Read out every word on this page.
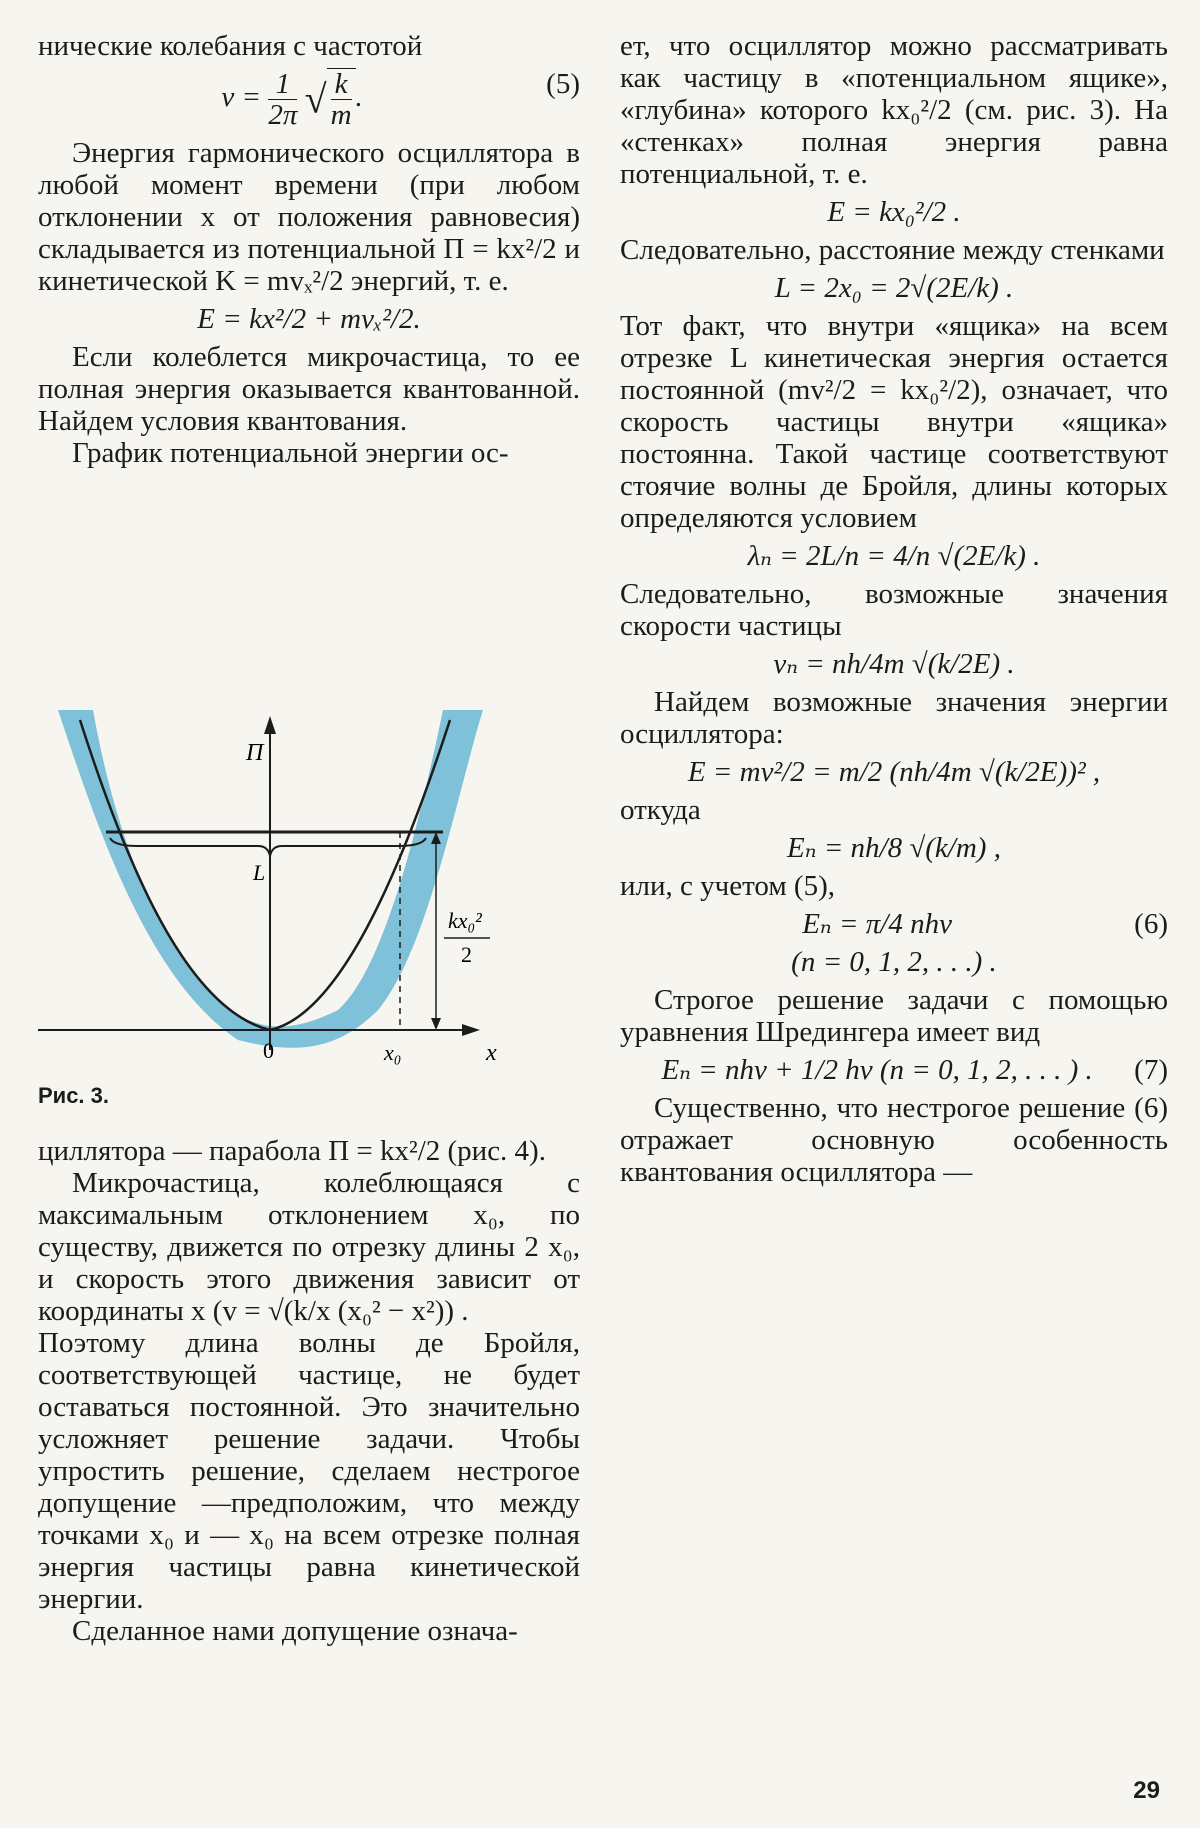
нические колебания с частотой

$\nu = \frac{1}{2\pi}$ √ $\frac{k}{m}$ .	(5)

Энергия гармонического осциллятора в любой момент времени (при любом отклонении x от положения равновесия) складывается из потенциальной П = kx²/2 и кинетической K = mvₓ²/2 энергий, т. е.

E = kx²/2 + mvₓ²/2.

Если колеблется микрочастица, то ее полная энергия оказывается квантованной. Найдем условия квантования.

График потенциальной энергии ос-

П
L
kx₀²
2
0	x₀	x
Рис. 3.

циллятора — парабола П = kx²/2 (рис. 4).

Микрочастица, колеблющаяся с максимальным отклонением x₀, по существу, движется по отрезку длины 2 x₀, и скорость этого движения зависит от координаты x (v = √(k/x (x₀² − x²)) .

Поэтому длина волны де Бройля, соответствующей частице, не будет оставаться постоянной. Это значительно усложняет решение задачи. Чтобы упростить решение, сделаем нестрогое допущение —предположим, что между точками x₀ и — x₀ на всем отрезке полная энергия частицы равна кинетической энергии.

Сделанное нами допущение означа-

ет, что осциллятор можно рассматривать как частицу в «потенциальном ящике», «глубина» которого kx₀²/2 (см. рис. 3). На «стенках» полная энергия равна потенциальной, т. е.

E = kx₀²/2 .

Следовательно, расстояние между стенками

L = 2x₀ = 2√(2E/k) .

Тот факт, что внутри «ящика» на всем отрезке L кинетическая энергия остается постоянной (mv²/2 = kx₀²/2), означает, что скорость частицы внутри «ящика» постоянна. Такой частице соответствуют стоячие волны де Бройля, длины которых определяются условием

λₙ = 2L/n = 4/n √(2E/k) .

Следовательно, возможные значения скорости частицы

vₙ = nh/4m √(k/2E) .

Найдем возможные значения энергии осциллятора:

E = mv²/2 = m/2 (nh/4m √(k/2E))² ,

откуда

Eₙ = nh/8 √(k/m) ,

или, с учетом (5),

Eₙ = π/4 nhν	(6)
(n = 0, 1, 2, . . .) .

Строгое решение задачи с помощью уравнения Шредингера имеет вид

Eₙ = nhν + 1/2 hν (n = 0, 1, 2, . . . ) . (7)

Существенно, что нестрогое решение (6) отражает основную особенность квантования осциллятора —

29
